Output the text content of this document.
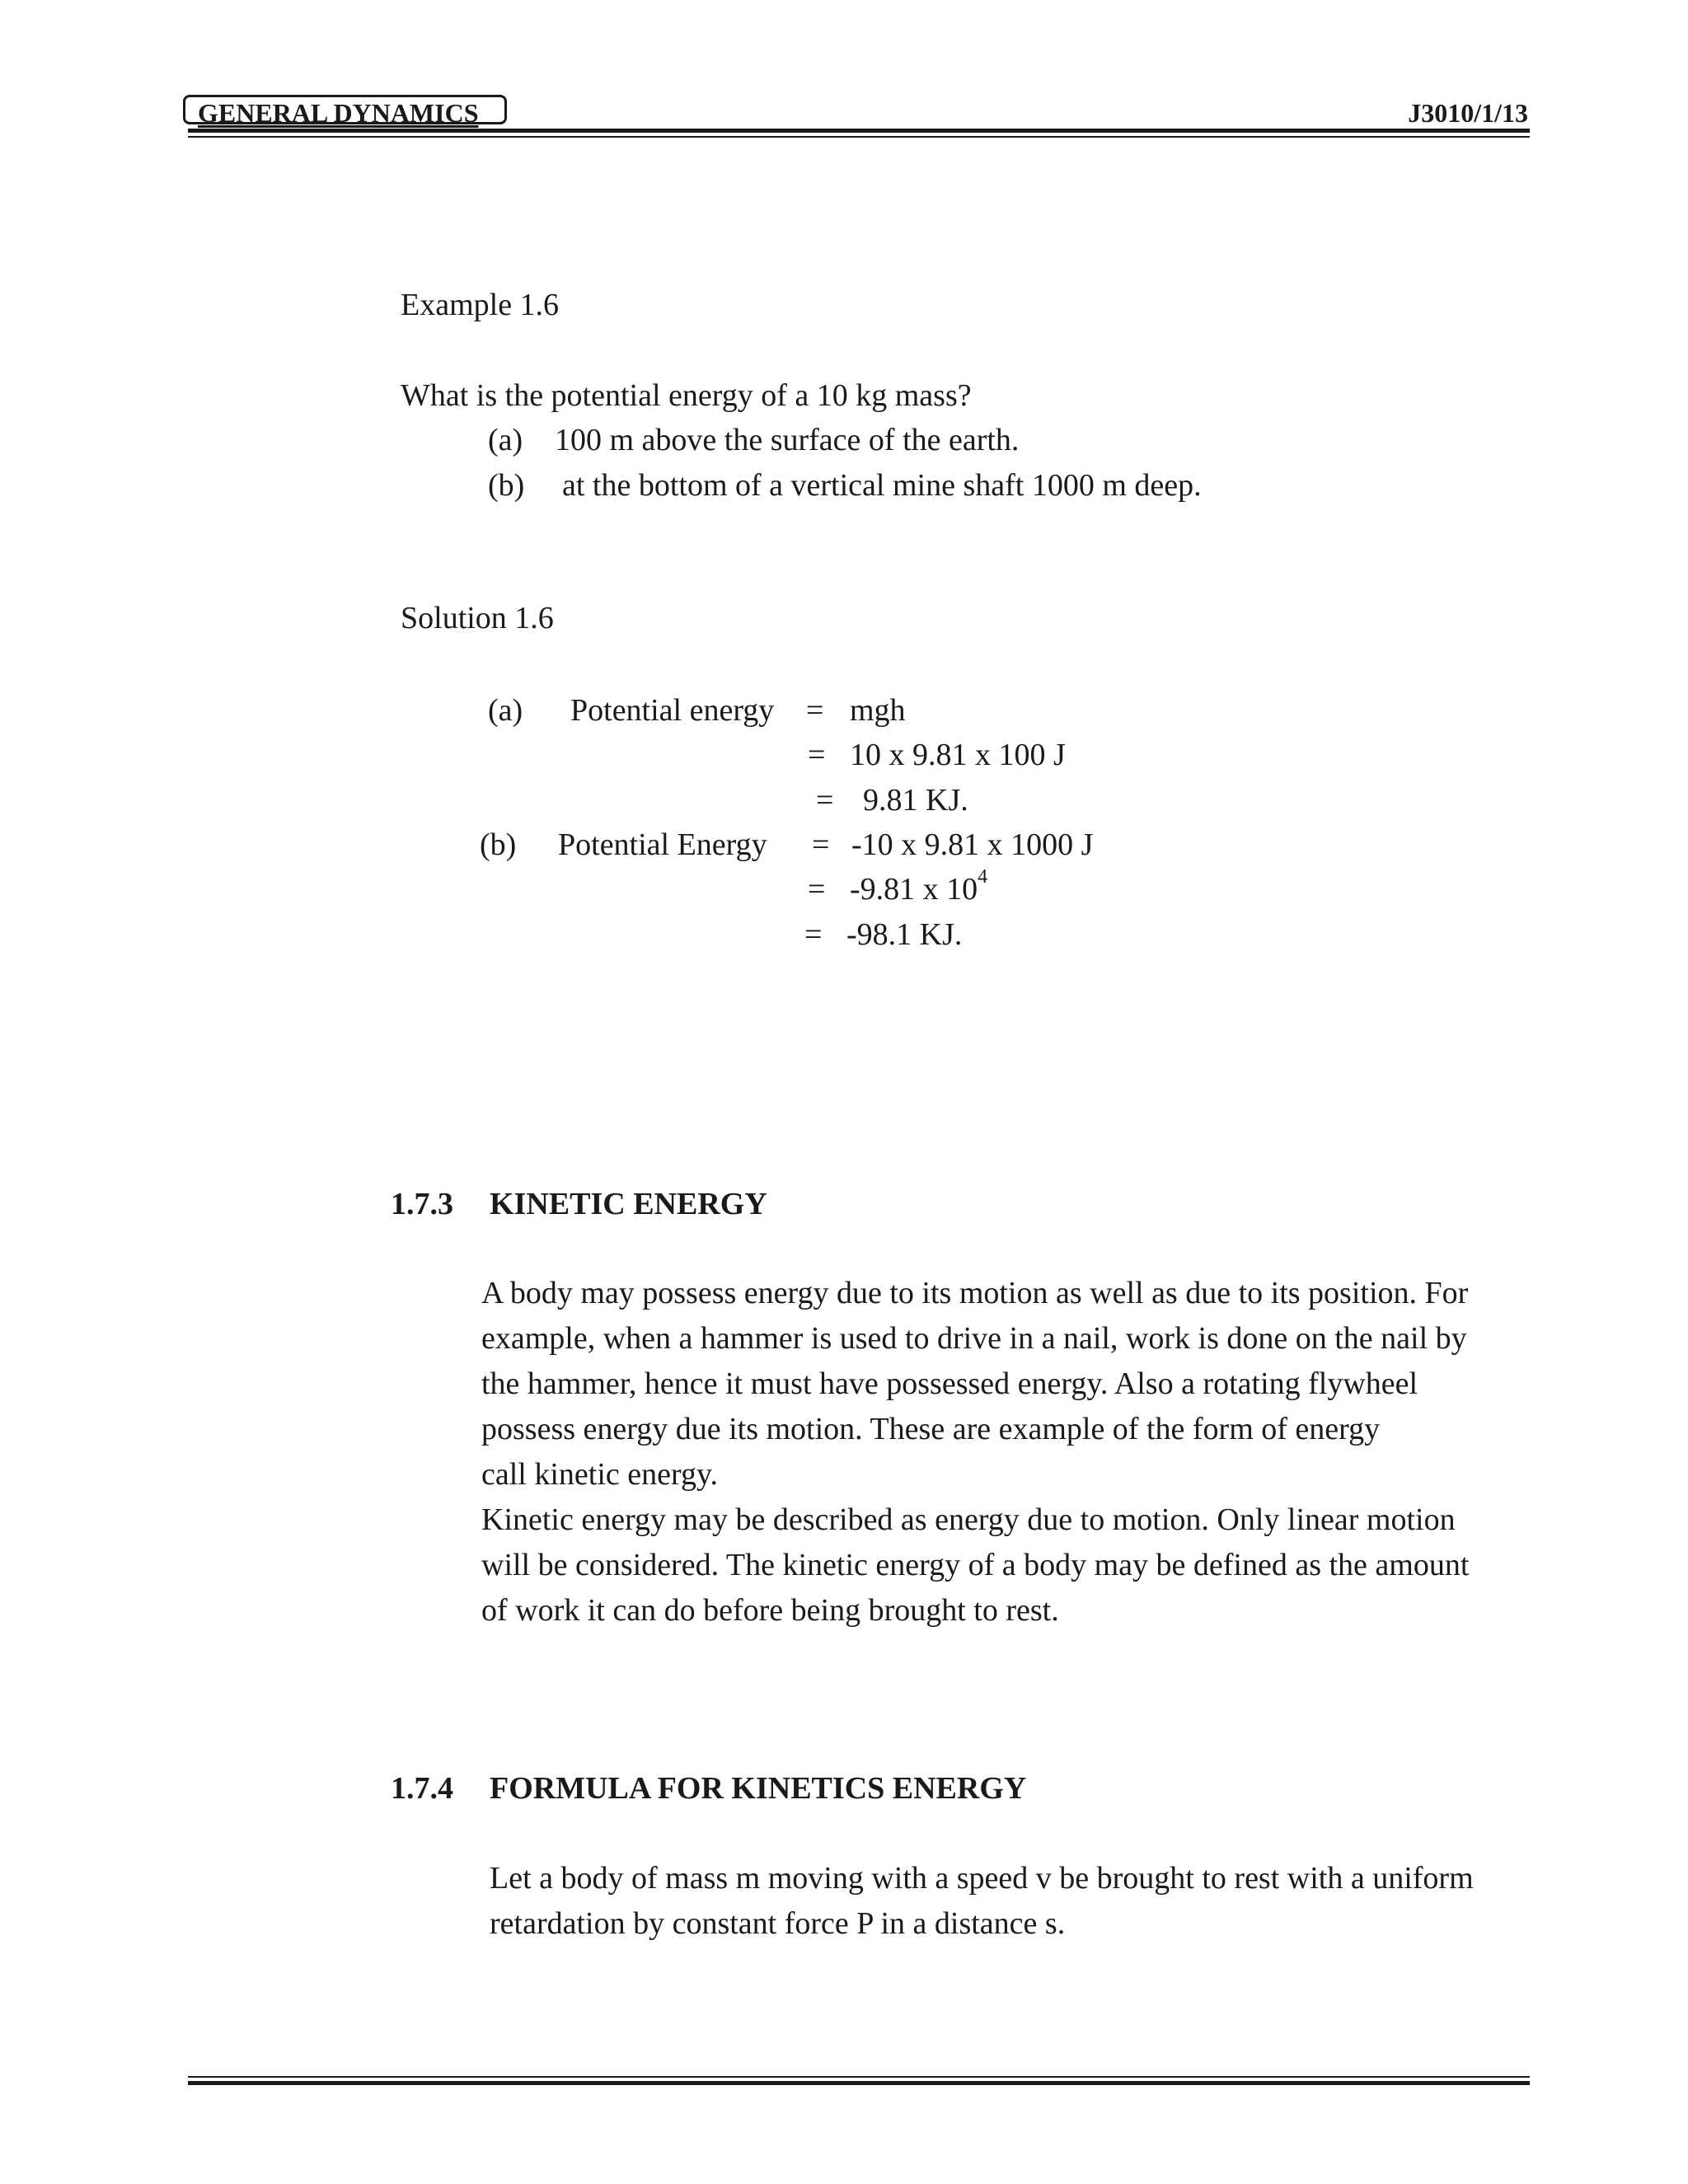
GENERAL DYNAMICS	J3010/1/13
Example 1.6
What is the potential energy of a 10 kg mass?
(a) 100 m above the surface of the earth.
(b) at the bottom of a vertical mine shaft 1000 m deep.
Solution 1.6
(a) Potential energy = mgh
= 10 x 9.81 x 100 J
= 9.81 KJ.
(b) Potential Energy = -10 x 9.81 x 1000 J
= -9.81 x $10^4$
= -98.1 KJ.
1.7.3 KINETIC ENERGY
A body may possess energy due to its motion as well as due to its position. For
example, when a hammer is used to drive in a nail, work is done on the nail by
the hammer, hence it must have possessed energy. Also a rotating flywheel
possess energy due its motion. These are example of the form of energy
call kinetic energy.
Kinetic energy may be described as energy due to motion. Only linear motion
will be considered. The kinetic energy of a body may be defined as the amount
of work it can do before being brought to rest.
1.7.4 FORMULA FOR KINETICS ENERGY
Let a body of mass m moving with a speed v be brought to rest with a uniform
retardation by constant force P in a distance s.
